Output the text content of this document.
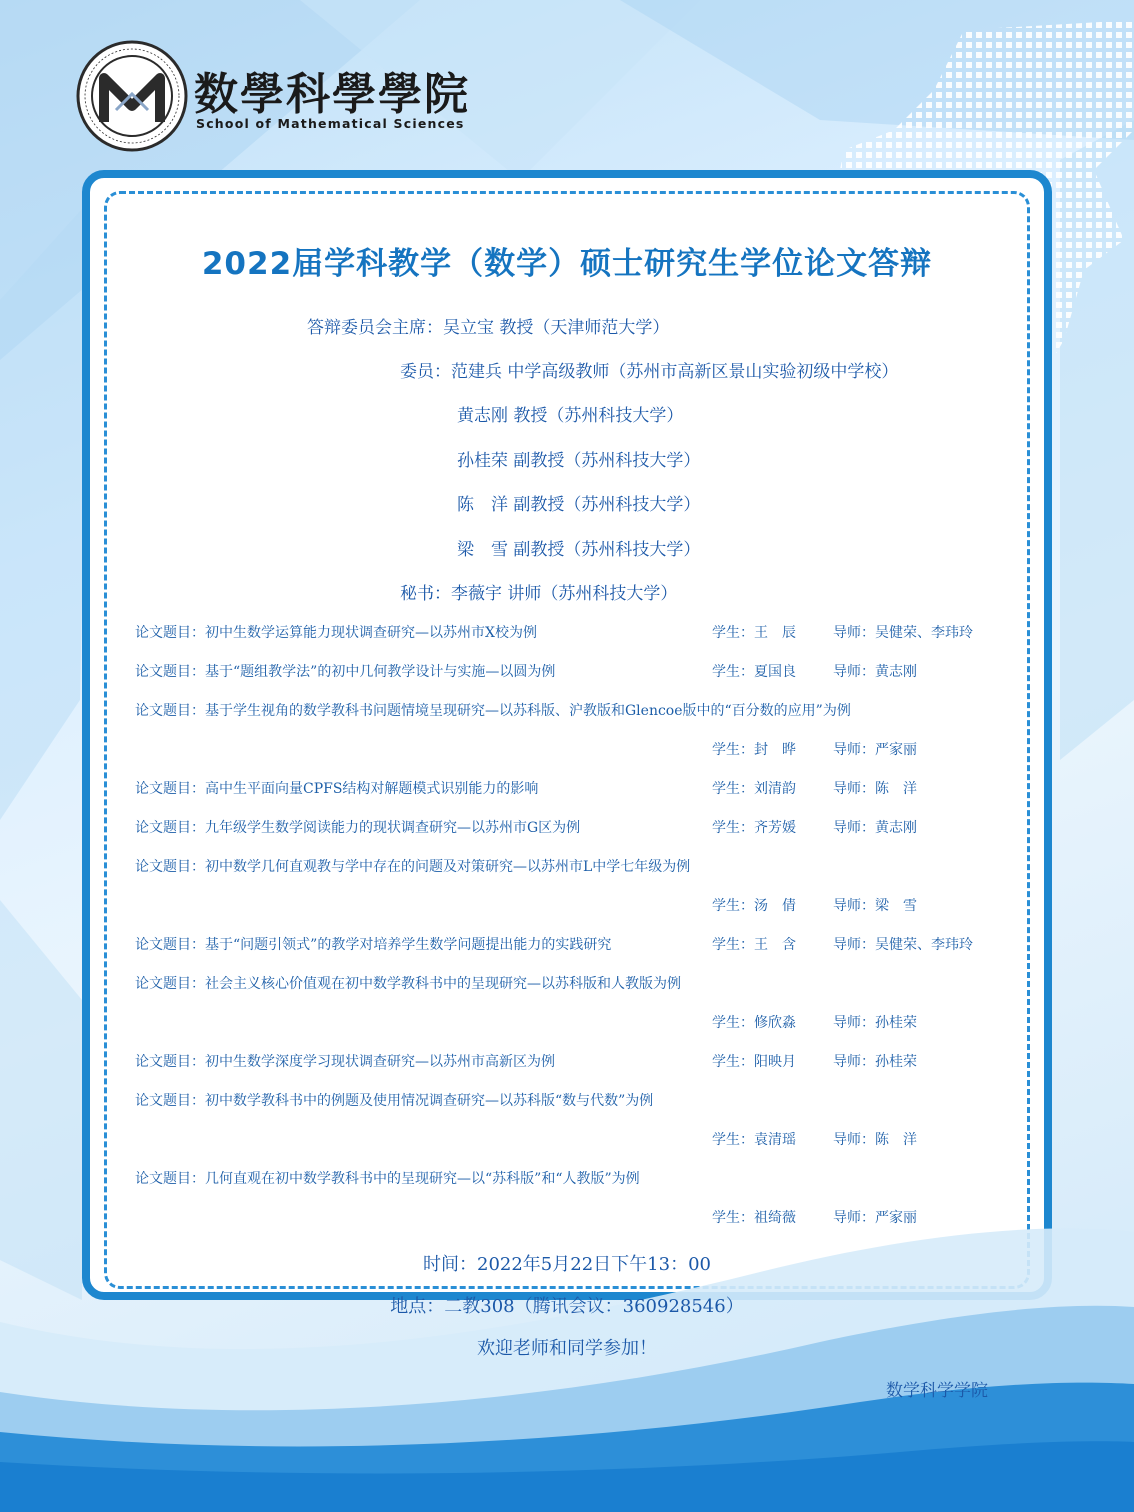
数學科學學院
School of Mathematical Sciences
2022届学科教学（数学）硕士研究生学位论文答辩
答辩委员会主席：吴立宝 教授（天津师范大学）
委员：范建兵 中学高级教师（苏州市高新区景山实验初级中学校）
黄志刚 教授（苏州科技大学）
孙桂荣 副教授（苏州科技大学）
陈　洋 副教授（苏州科技大学）
梁　雪 副教授（苏州科技大学）
秘书：李薇宇 讲师（苏州科技大学）
论文题目：初中生数学运算能力现状调查研究—以苏州市X校为例	学生：王　辰	导师：吴健荣、李玮玲
论文题目：基于“题组教学法”的初中几何教学设计与实施—以圆为例	学生：夏国良	导师：黄志刚
论文题目：基于学生视角的数学教科书问题情境呈现研究—以苏科版、沪教版和Glencoe版中的“百分数的应用”为例
学生：封　晔	导师：严家丽
论文题目：高中生平面向量CPFS结构对解题模式识别能力的影响	学生：刘清韵	导师：陈　洋
论文题目：九年级学生数学阅读能力的现状调查研究—以苏州市G区为例	学生：齐芳媛	导师：黄志刚
论文题目：初中数学几何直观教与学中存在的问题及对策研究—以苏州市L中学七年级为例
学生：汤　倩	导师：梁　雪
论文题目：基于“问题引领式”的教学对培养学生数学问题提出能力的实践研究	学生：王　含	导师：吴健荣、李玮玲
论文题目：社会主义核心价值观在初中数学教科书中的呈现研究—以苏科版和人教版为例
学生：修欣淼	导师：孙桂荣
论文题目：初中生数学深度学习现状调查研究—以苏州市高新区为例	学生：阳映月	导师：孙桂荣
论文题目：初中数学教科书中的例题及使用情况调查研究—以苏科版“数与代数”为例
学生：袁清瑶	导师：陈　洋
论文题目：几何直观在初中数学教科书中的呈现研究—以“苏科版”和“人教版”为例
学生：祖绮薇	导师：严家丽
时间：2022年5月22日下午13：00
地点：二教308（腾讯会议：360928546）
欢迎老师和同学参加！
数学科学学院
